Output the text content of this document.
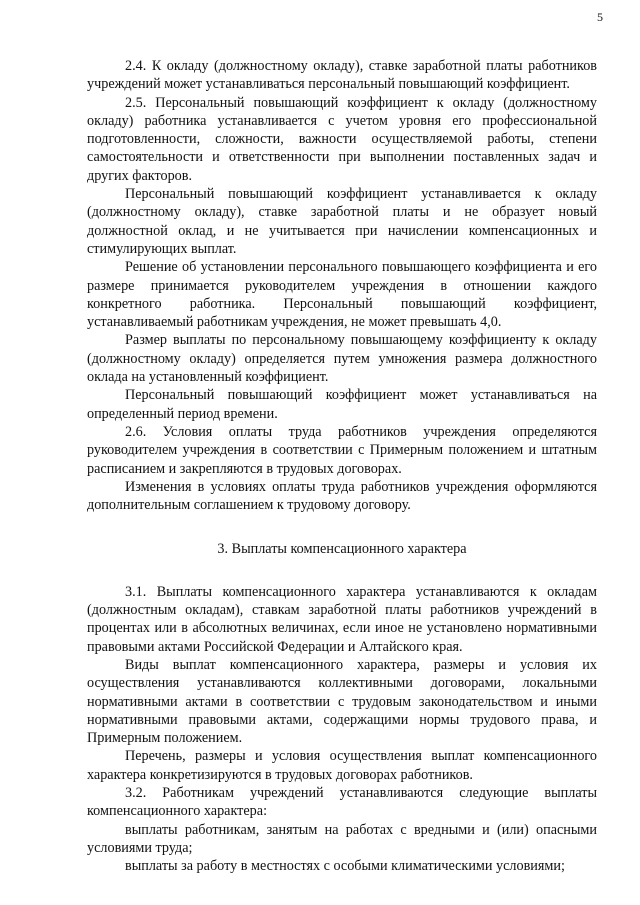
5

2.4. К окладу (должностному окладу), ставке заработной платы работников учреждений может устанавливаться персональный повышающий коэффициент.

2.5. Персональный повышающий коэффициент к окладу (должностному окладу) работника устанавливается с учетом уровня его профессиональной подготовленности, сложности, важности осуществляемой работы, степени самостоятельности и ответственности при выполнении поставленных задач и других факторов.

Персональный повышающий коэффициент устанавливается к окладу (должностному окладу), ставке заработной платы и не образует новый должностной оклад, и не учитывается при начислении компенсационных и стимулирующих выплат.

Решение об установлении персонального повышающего коэффициента и его размере принимается руководителем учреждения в отношении каждого конкретного работника. Персональный повышающий коэффициент, устанавливаемый работникам учреждения, не может превышать 4,0.

Размер выплаты по персональному повышающему коэффициенту к окладу (должностному окладу) определяется путем умножения размера должностного оклада на установленный коэффициент.

Персональный повышающий коэффициент может устанавливаться на определенный период времени.

2.6. Условия оплаты труда работников учреждения определяются руководителем учреждения в соответствии с Примерным положением и штатным расписанием и закрепляются в трудовых договорах.

Изменения в условиях оплаты труда работников учреждения оформляются дополнительным соглашением к трудовому договору.

3. Выплаты компенсационного характера

3.1. Выплаты компенсационного характера устанавливаются к окладам (должностным окладам), ставкам заработной платы работников учреждений в процентах или в абсолютных величинах, если иное не установлено нормативными правовыми актами Российской Федерации и Алтайского края.

Виды выплат компенсационного характера, размеры и условия их осуществления устанавливаются коллективными договорами, локальными нормативными актами в соответствии с трудовым законодательством и иными нормативными правовыми актами, содержащими нормы трудового права, и Примерным положением.

Перечень, размеры и условия осуществления выплат компенсационного характера конкретизируются в трудовых договорах работников.

3.2. Работникам учреждений устанавливаются следующие выплаты компенсационного характера:

выплаты работникам, занятым на работах с вредными и (или) опасными условиями труда;

выплаты за работу в местностях с особыми климатическими условиями;
